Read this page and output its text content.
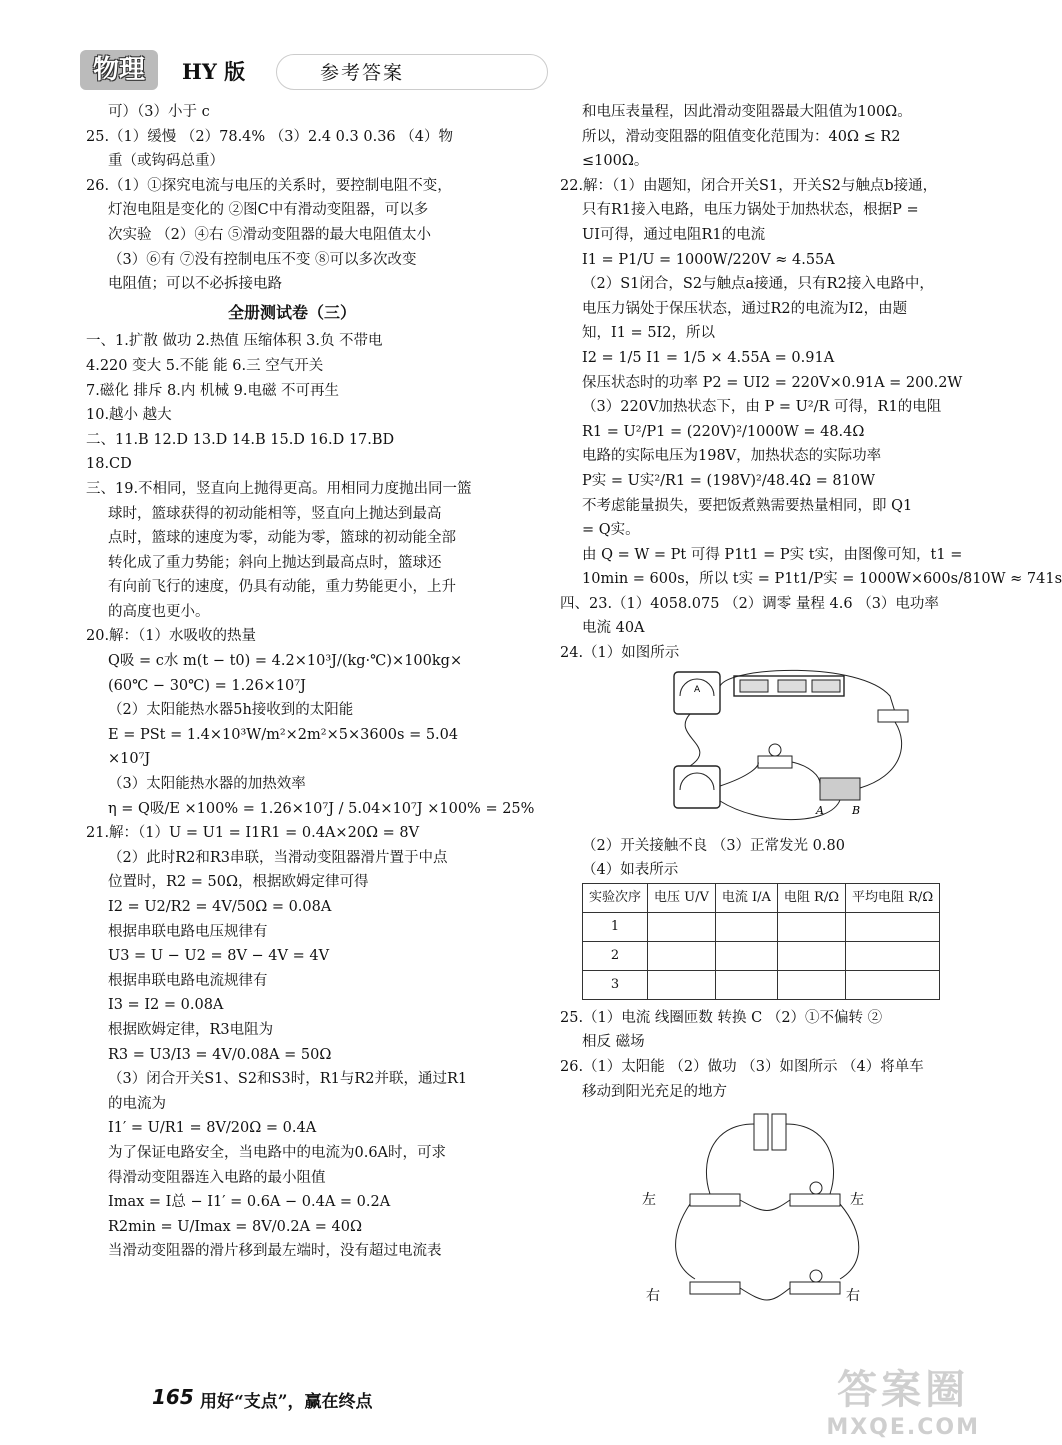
物理	HY 版	参考答案
可）（3）小于 c
25.（1）缓慢 （2）78.4% （3）2.4 0.3 0.36 （4）物
重（或钩码总重）
26.（1）①探究电流与电压的关系时，要控制电阻不变，
灯泡电阻是变化的 ②图C中有滑动变阻器，可以多
次实验 （2）④右 ⑤滑动变阻器的最大电阻值太小
（3）⑥有 ⑦没有控制电压不变 ⑧可以多次改变
电阻值；可以不必拆接电路
全册测试卷（三）
一、1.扩散 做功 2.热值 压缩体积 3.负 不带电
4.220 变大 5.不能 能 6.三 空气开关
7.磁化 排斥 8.内 机械 9.电磁 不可再生
10.越小 越大
二、11.B 12.D 13.D 14.B 15.D 16.D 17.BD
18.CD
三、19.不相同，竖直向上抛得更高。用相同力度抛出同一篮
球时，篮球获得的初动能相等，竖直向上抛达到最高
点时，篮球的速度为零，动能为零，篮球的初动能全部
转化成了重力势能；斜向上抛达到最高点时，篮球还
有向前飞行的速度，仍具有动能，重力势能更小，上升
的高度也更小。
20.解：（1）水吸收的热量
Q吸 = c水 m(t − t0) = 4.2×10³J/(kg·℃)×100kg×
(60℃ − 30℃) = 1.26×10⁷J
（2）太阳能热水器5h接收到的太阳能
E = PSt = 1.4×10³W/m²×2m²×5×3600s = 5.04
×10⁷J
（3）太阳能热水器的加热效率
η = Q吸/E ×100% = 1.26×10⁷J / 5.04×10⁷J ×100% = 25%
21.解：（1）U = U1 = I1R1 = 0.4A×20Ω = 8V
（2）此时R2和R3串联，当滑动变阻器滑片置于中点
位置时，R2 = 50Ω，根据欧姆定律可得
I2 = U2/R2 = 4V/50Ω = 0.08A
根据串联电路电压规律有
U3 = U − U2 = 8V − 4V = 4V
根据串联电路电流规律有
I3 = I2 = 0.08A
根据欧姆定律，R3电阻为
R3 = U3/I3 = 4V/0.08A = 50Ω
（3）闭合开关S1、S2和S3时，R1与R2并联，通过R1
的电流为
I1′ = U/R1 = 8V/20Ω = 0.4A
为了保证电路安全，当电路中的电流为0.6A时，可求
得滑动变阻器连入电路的最小阻值
Imax = I总 − I1′ = 0.6A − 0.4A = 0.2A
R2min = U/Imax = 8V/0.2A = 40Ω
当滑动变阻器的滑片移到最左端时，没有超过电流表
和电压表量程，因此滑动变阻器最大阻值为100Ω。
所以，滑动变阻器的阻值变化范围为：40Ω ≤ R2
≤100Ω。
22.解：（1）由题知，闭合开关S1，开关S2与触点b接通，
只有R1接入电路，电压力锅处于加热状态，根据P =
UI可得，通过电阻R1的电流
I1 = P1/U = 1000W/220V ≈ 4.55A
（2）S1闭合，S2与触点a接通，只有R2接入电路中，
电压力锅处于保压状态，通过R2的电流为I2，由题
知，I1 = 5I2，所以
I2 = 1/5 I1 = 1/5 × 4.55A = 0.91A
保压状态时的功率 P2 = UI2 = 220V×0.91A = 200.2W
（3）220V加热状态下，由 P = U²/R 可得，R1的电阻
R1 = U²/P1 = (220V)²/1000W = 48.4Ω
电路的实际电压为198V，加热状态的实际功率
P实 = U实²/R1 = (198V)²/48.4Ω = 810W
不考虑能量损失，要把饭煮熟需要热量相同，即 Q1
= Q实。
由 Q = W = Pt 可得 P1t1 = P实 t实，由图像可知，t1 =
10min = 600s，所以 t实 = P1t1/P实 = 1000W×600s/810W ≈ 741s
四、23.（1）4058.075 （2）调零 量程 4.6 （3）电功率
电流 40A
24.（1）如图所示
A
A	B
（2）开关接触不良 （3）正常发光 0.80
（4）如表所示
实验次序	电压 U/V	电流 I/A	电阻 R/Ω	平均电阻 R/Ω
1				
2				
3				
25.（1）电流 线圈匝数 转换 C （2）①不偏转 ②
相反 磁场
26.（1）太阳能 （2）做功 （3）如图所示 （4）将单车
移动到阳光充足的地方
左	左
右	右
165 用好“支点”，赢在终点	答案圈
MXQE.COM
